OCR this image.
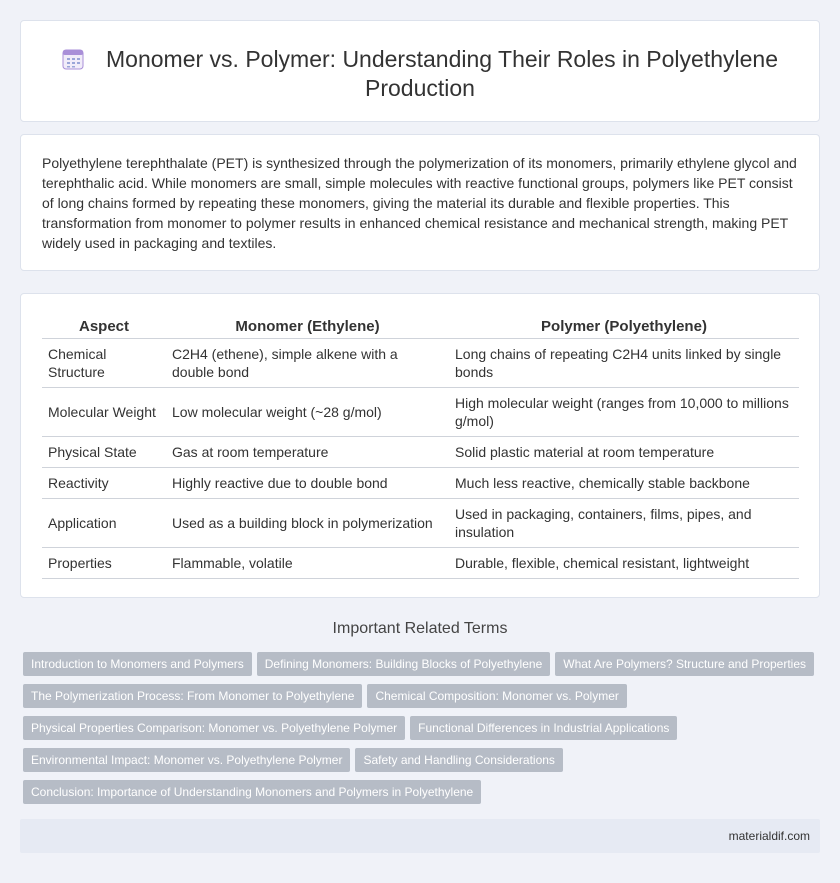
Monomer vs. Polymer: Understanding Their Roles in Polyethylene Production

Polyethylene terephthalate (PET) is synthesized through the polymerization of its monomers, primarily ethylene glycol and terephthalic acid. While monomers are small, simple molecules with reactive functional groups, polymers like PET consist of long chains formed by repeating these monomers, giving the material its durable and flexible properties. This transformation from monomer to polymer results in enhanced chemical resistance and mechanical strength, making PET widely used in packaging and textiles.

Aspect	Monomer (Ethylene)	Polymer (Polyethylene)
Chemical Structure	C2H4 (ethene), simple alkene with a double bond	Long chains of repeating C2H4 units linked by single bonds
Molecular Weight	Low molecular weight (~28 g/mol)	High molecular weight (ranges from 10,000 to millions g/mol)
Physical State	Gas at room temperature	Solid plastic material at room temperature
Reactivity	Highly reactive due to double bond	Much less reactive, chemically stable backbone
Application	Used as a building block in polymerization	Used in packaging, containers, films, pipes, and insulation
Properties	Flammable, volatile	Durable, flexible, chemical resistant, lightweight
Important Related Terms
Introduction to Monomers and Polymers Defining Monomers: Building Blocks of Polyethylene What Are Polymers? Structure and Properties
The Polymerization Process: From Monomer to Polyethylene Chemical Composition: Monomer vs. Polymer
Physical Properties Comparison: Monomer vs. Polyethylene Polymer Functional Differences in Industrial Applications
Environmental Impact: Monomer vs. Polyethylene Polymer Safety and Handling Considerations
Conclusion: Importance of Understanding Monomers and Polymers in Polyethylene
materialdif.com
